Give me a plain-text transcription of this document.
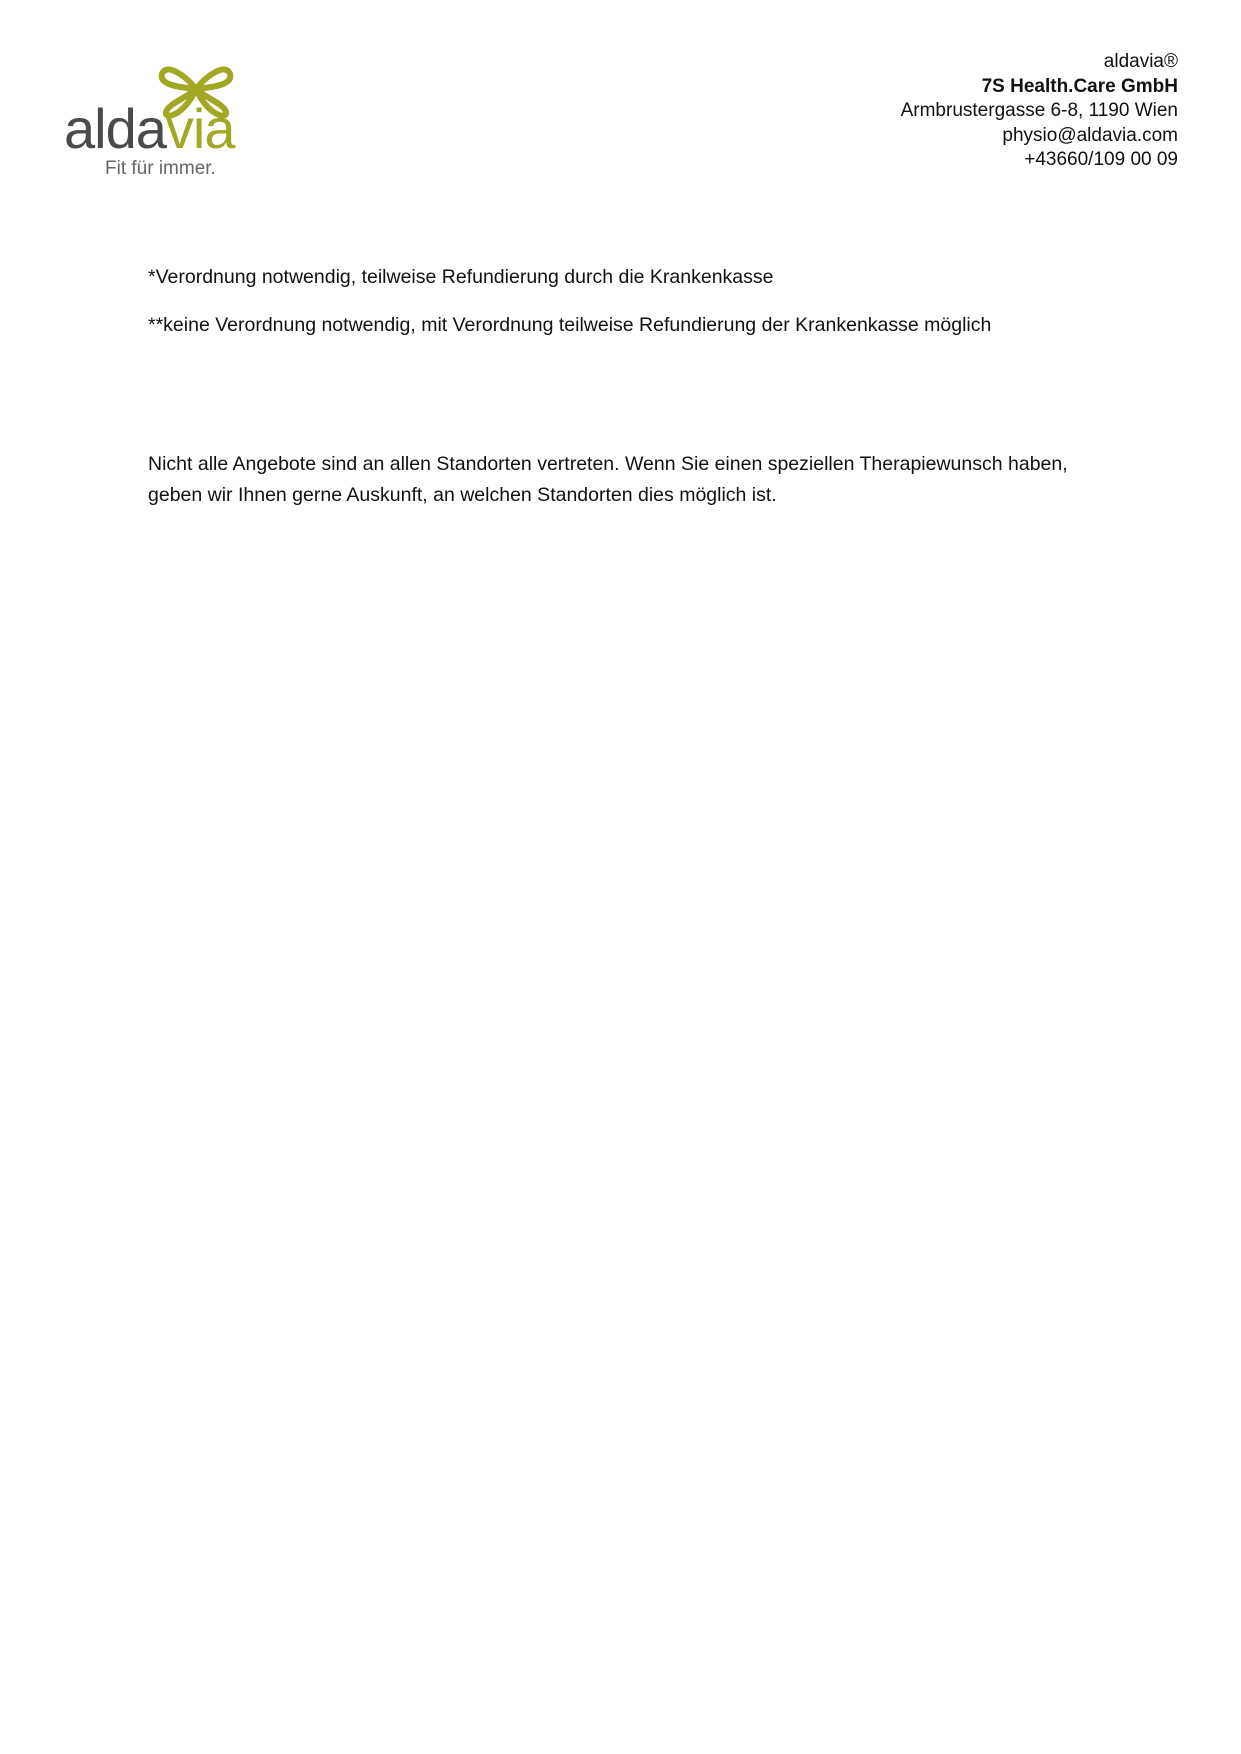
aldavia
Fit für immer.
aldavia®
7S Health.Care GmbH
Armbrustergasse 6-8, 1190 Wien
physio@aldavia.com
+43660/109 00 09
*Verordnung notwendig, teilweise Refundierung durch die Krankenkasse
**keine Verordnung notwendig, mit Verordnung teilweise Refundierung der Krankenkasse möglich
Nicht alle Angebote sind an allen Standorten vertreten. Wenn Sie einen speziellen Therapiewunsch haben, geben wir Ihnen gerne Auskunft, an welchen Standorten dies möglich ist.
